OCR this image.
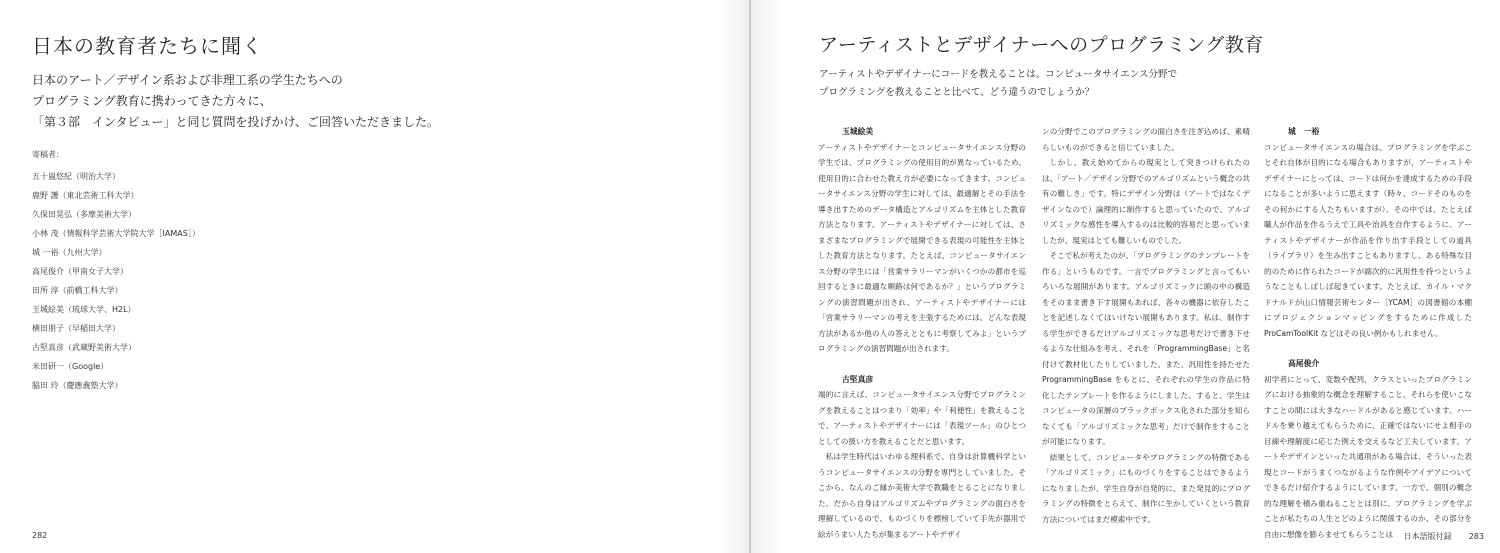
日本の教育者たちに聞く
日本のアート／デザイン系および非理工系の学生たちへの
プログラミング教育に携わってきた方々に、
「第３部　インタビュー」と同じ質問を投げかけ、ご回答いただきました。
寄稿者：
五十嵐悠紀（明治大学）
鹿野 護（東北芸術工科大学）
久保田晃弘（多摩美術大学）
小林 茂（情報科学芸術大学院大学［IAMAS］）
城 一裕（九州大学）
高尾俊介（甲南女子大学）
田所 淳（前橋工科大学）
玉城絵美（琉球大学、H2L）
横田朋子（早稲田大学）
古堅真彦（武蔵野美術大学）
米田研一（Google）
脇田 玲（慶應義塾大学）
282
アーティストとデザイナーへのプログラミング教育
アーティストやデザイナーにコードを教えることは、コンピュータサイエンス分野で
プログラミングを教えることと比べて、どう違うのでしょうか？
玉城絵美

アーティストやデザイナーとコンピュータサイエンス分野の学生では、プログラミングの使用目的が異なっているため、使用目的に合わせた教え方が必要になってきます。コンピュータサイエンス分野の学生に対しては、最適解とその手法を導き出すためのデータ構造とアルゴリズムを主体とした教育方法となります。アーティストやデザイナーに対しては、さまざまなプログラミングで展開できる表現の可能性を主体とした教育方法となります。たとえば、コンピュータサイエンス分野の学生には「営業サラリーマンがいくつかの都市を巡回するときに最適な順路は何であるか？」というプログラミングの演習問題が出され、アーティストやデザイナーには「営業サラリーマンの考えを主張するためには、どんな表現方法があるか他の人の答えとともに考察してみよ」というプログラミングの演習問題が出されます。

古堅真彦

端的に言えば、コンピュータサイエンス分野でプログラミングを教えることはつまり「効率」や「利便性」を教えることで、アーティストやデザイナーには「表現ツール」のひとつとしての扱い方を教えることだと思います。

私は学生時代はいわゆる理科系で、自身は計算機科学というコンピュータサイエンスの分野を専門としていました。そこから、なんのご縁か美術大学で教職をとることになりました。だから自身はアルゴリズムやプログラミングの面白さを理解しているので、ものづくりを標榜していて手先が器用で絵がうまい人たちが集まるアートやデザイ

ンの分野でこのプログラミングの面白さを注ぎ込めば、素晴らしいものができると信じていました。

しかし、教え始めてからの現実として突きつけられたのは、「アート／デザイン分野でのアルゴリズムという概念の共有の難しさ」です。特にデザイン分野は（アートではなくデザインなので）論理的に制作すると思っていたので、アルゴリズミックな感性を導入するのは比較的容易だと思っていましたが、現実はとても難しいものでした。

そこで私が考えたのが、「プログラミングのテンプレートを作る」というものです。一言でプログラミングと言ってもいろいろな展開があります。アルゴリズミックに頭の中の構造をそのまま書き下す展開もあれば、各々の機器に依存したことを記述しなくてはいけない展開もあります。私は、制作する学生ができるだけアルゴリズミックな思考だけで書き下せるような仕組みを考え、それを「ProgrammingBase」と名付けて教材化したりしていました。また、汎用性を持たせた ProgrammingBase をもとに、それぞれの学生の作品に特化したテンプレートを作るようにしました。すると、学生はコンピュータの深層のブラックボックス化された部分を知らなくても「アルゴリズミックな思考」だけで制作をすることが可能になります。

結果として、コンピュータやプログラミングの特徴である「アルゴリズミック」にものづくりをすることはできるようになりましたが、学生自身が自発的に、また発見的にプログラミングの特徴をとらえて、制作に生かしていくという教育方法についてはまだ模索中です。

城　一裕

コンピュータサイエンスの場合は、プログラミングを学ぶことそれ自体が目的になる場合もありますが、アーティストやデザイナーにとっては、コードは何かを達成するための手段になることが多いように思えます（時々、コードそのものをその何かにする人たちもいますが）。その中では、たとえば職人が作品を作るうえで工具や治具を自作するように、アーティストやデザイナーが作品を作り出す手段としての道具（ライブラリ）を生み出すこともありますし、ある特殊な目的のために作られたコードが副次的に汎用性を持つというようなこともしばしば起きています。たとえば、カイル・マクドナルドが山口情報芸術センター［YCAM］の図書館の本棚にプロジェクションマッピングをするために作成した ProCamToolKit などはその良い例かもしれません。

高尾俊介

初学者にとって、変数や配列、クラスといったプログラミングにおける抽象的な概念を理解すること、それらを使いこなすことの間には大きなハードルがあると感じています。ハードルを乗り越えてもらうために、正確ではないにせよ相手の目線や理解度に応じた例えを交えるなど工夫しています。アートやデザインといった共通項がある場合は、そういった表現とコードがうまくつながるような作例やアイデアについてできるだけ紹介するようにしています。一方で、個別の概念的な理解を積み重ねることとは別に、プログラミングを学ぶことが私たちの人生とどのように関係するのか、その部分を自由に想像を膨らませてもらうことは	日本語版付録 283
